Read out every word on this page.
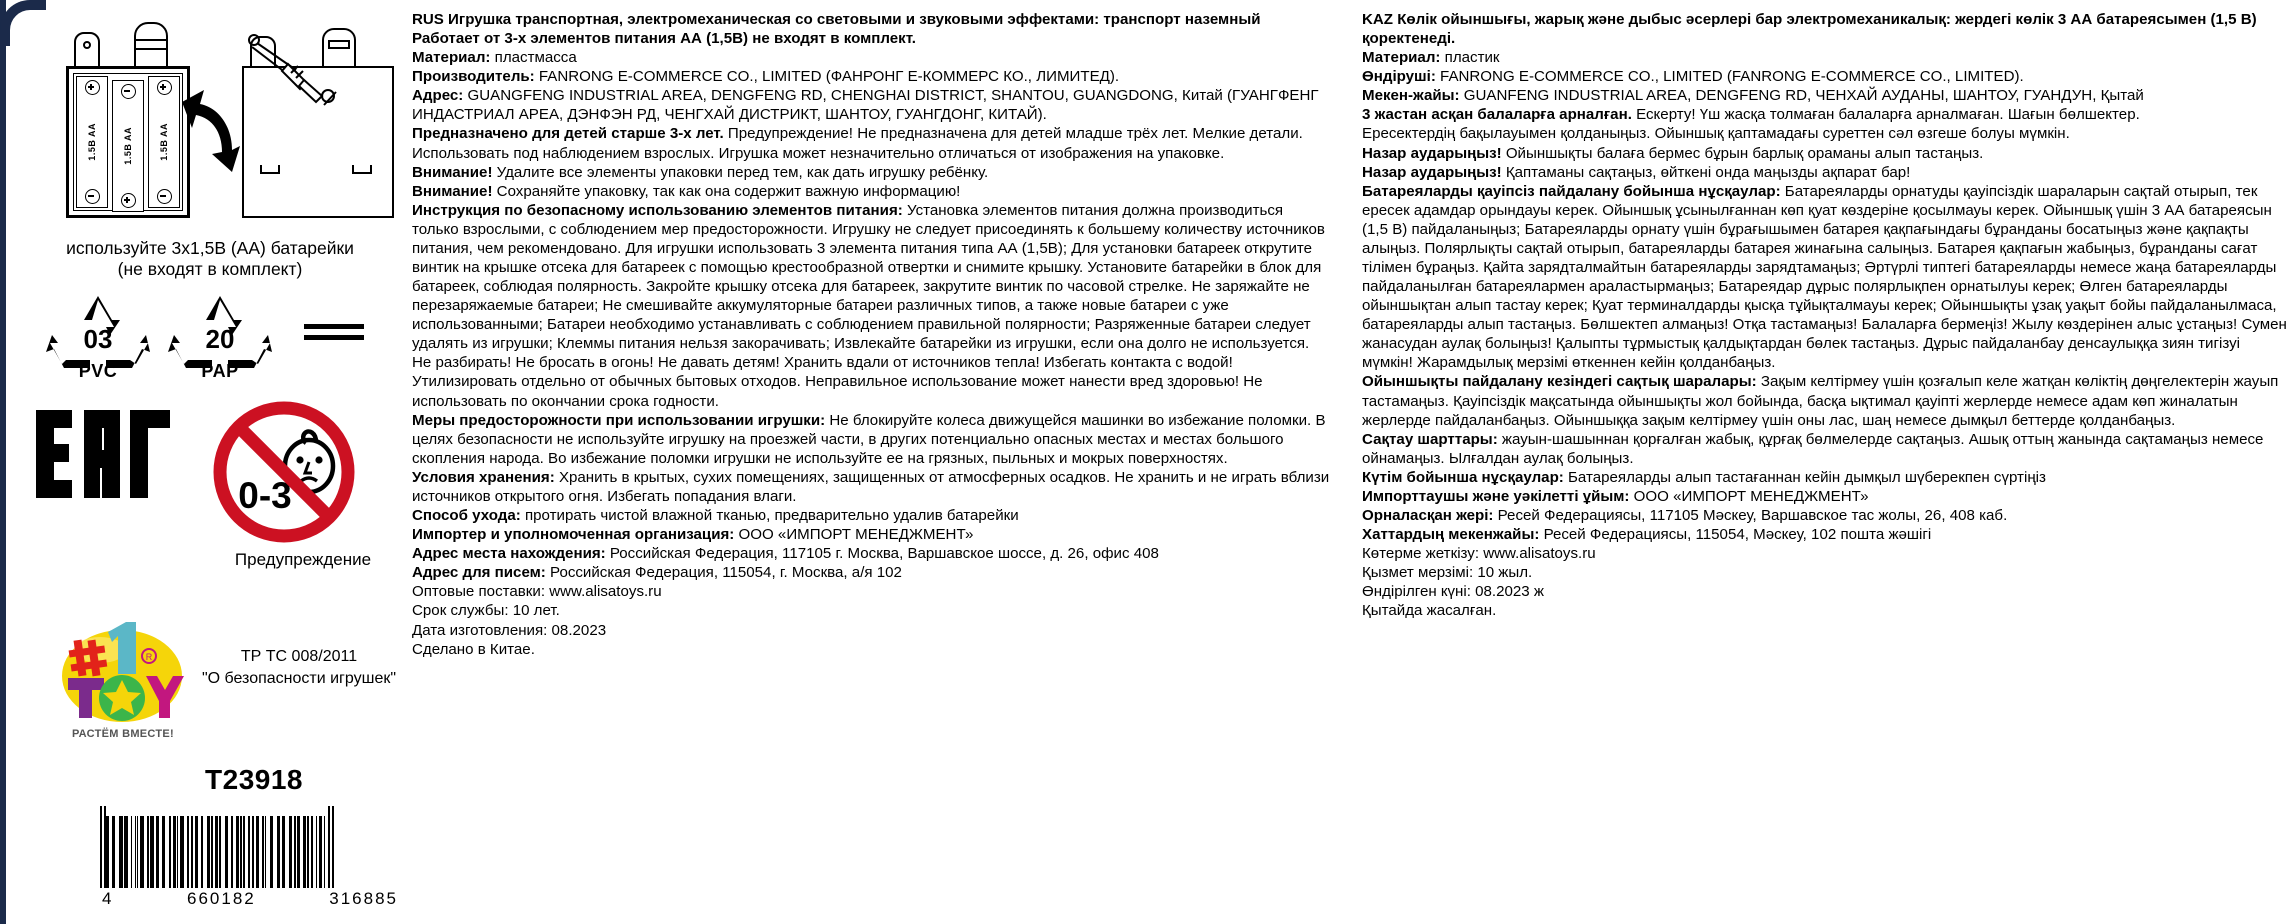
1.5B AA	1.5B AA	1.5B AA
используйте 3x1,5В (АА) батарейки
(не входят в комплект)
03
PVC
20
PAP
0-3
Предупреждение
R
РАСТЁМ ВМЕСТЕ!
ТР ТС 008/2011
"О безопасности игрушек"
T23918
4	660182	316885

RUS Игрушка транспортная, электромеханическая со световыми и звуковыми эффектами: транспорт наземный

Работает от 3-х элементов питания АА (1,5В) не входят в комплект.

Материал: пластмасса

Производитель: FANRONG E-COMMERCE CO., LIMITED (ФАНРОНГ Е-КОММЕРС КО., ЛИМИТЕД).

Адрес: GUANGFENG INDUSTRIAL AREA, DENGFENG RD, CHENGHAI DISTRICT, SHANTOU, GUANGDONG, Китай (ГУАНГФЕНГ ИНДАСТРИАЛ АРЕА, ДЭНФЭН РД, ЧЕНГХАЙ ДИСТРИКТ, ШАНТОУ, ГУАНГДОНГ, КИТАЙ).

Предназначено для детей старше 3-х лет. Предупреждение! Не предназначена для детей младше трёх лет. Мелкие детали.

Использовать под наблюдением взрослых. Игрушка может незначительно отличаться от изображения на упаковке.

Внимание! Удалите все элементы упаковки перед тем, как дать игрушку ребёнку.

Внимание! Сохраняйте упаковку, так как она содержит важную информацию!

Инструкция по безопасному использованию элементов питания: Установка элементов питания должна производиться только взрослыми, с соблюдением мер предосторожности. Игрушку не следует присоединять к большему количеству источников питания, чем рекомендовано. Для игрушки использовать 3 элемента питания типа АА (1,5В); Для установки батареек открутите винтик на крышке отсека для батареек с помощью крестообразной отвертки и снимите крышку. Установите батарейки в блок для батареек, соблюдая полярность. Закройте крышку отсека для батареек, закрутите винтик по часовой стрелке. Не заряжайте не перезаряжаемые батареи; Не смешивайте аккумуляторные батареи различных типов, а также новые батареи с уже использованными; Батареи необходимо устанавливать с соблюдением правильной полярности; Разряженные батареи следует удалять из игрушки; Клеммы питания нельзя закорачивать; Извлекайте батарейки из игрушки, если она долго не используется. Не разбирать! Не бросать в огонь! Не давать детям! Хранить вдали от источников тепла! Избегать контакта с водой! Утилизировать отдельно от обычных бытовых отходов. Неправильное использование может нанести вред здоровью! Не использовать по окончании срока годности.

Меры предосторожности при использовании игрушки: Не блокируйте колеса движущейся машинки во избежание поломки. В целях безопасности не используйте игрушку на проезжей части, в других потенциально опасных местах и местах большого скопления народа. Во избежание поломки игрушки не используйте ее на грязных, пыльных и мокрых поверхностях.

Условия хранения: Хранить в крытых, сухих помещениях, защищенных от атмосферных осадков. Не хранить и не играть вблизи источников открытого огня. Избегать попадания влаги.

Способ ухода: протирать чистой влажной тканью, предварительно удалив батарейки

Импортер и уполномоченная организация: ООО «ИМПОРТ МЕНЕДЖМЕНТ»

Адрес места нахождения: Российская Федерация, 117105 г. Москва, Варшавское шоссе, д. 26, офис 408

Адрес для писем: Российская Федерация, 115054, г. Москва, а/я 102

Оптовые поставки: www.alisatoys.ru

Срок службы: 10 лет.

Дата изготовления: 08.2023

Сделано в Китае.

KAZ Көлік ойыншығы, жарық және дыбыс әсерлері бар электромеханикалық: жердегі көлік 3 АА батареясымен (1,5 В) қоректенеді.

Материал: пластик

Өндіруші: FANRONG E-COMMERCE CO., LIMITED (FANRONG E-COMMERCE CO., LIMITED).

Мекен-жайы: GUANFENG INDUSTRIAL AREA, DENGFENG RD, ЧЕНХАЙ АУДАНЫ, ШАНТОУ, ГУАНДУН, Қытай

3 жастан асқан балаларға арналған. Ескерту! Үш жасқа толмаған балаларға арналмаған. Шағын бөлшектер.

Ересектердің бақылауымен қолданыңыз. Ойыншық қаптамадағы суреттен сәл өзгеше болуы мүмкін.

Назар аударыңыз! Ойыншықты балаға бермес бұрын барлық ораманы алып тастаңыз.

Назар аударыңыз! Қаптаманы сақтаңыз, өйткені онда маңызды ақпарат бар!

Батареяларды қауіпсіз пайдалану бойынша нұсқаулар: Батареяларды орнатуды қауіпсіздік шараларын сақтай отырып, тек ересек адамдар орындауы керек. Ойыншық ұсынылғаннан көп қуат көздеріне қосылмауы керек. Ойыншық үшін 3 АА батареясын (1,5 В) пайдаланыңыз; Батареяларды орнату үшін бұрағышымен батарея қақпағындағы бұранданы босатыңыз және қақпақты алыңыз. Полярлықты сақтай отырып, батареяларды батарея жинағына салыңыз. Батарея қақпағын жабыңыз, бұранданы сағат тілімен бұраңыз. Қайта зарядталмайтын батареяларды зарядтамаңыз; Әртүрлі типтегі батареяларды немесе жаңа батареяларды пайдаланылған батареялармен араластырмаңыз; Батареядар дұрыс полярлықпен орнатылуы керек; Өлген батареяларды ойыншықтан алып тастау керек; Қуат терминалдарды қысқа тұйықталмауы керек; Ойыншықты ұзақ уақыт бойы пайдаланылмаса, батареяларды алып тастаңыз. Бөлшектеп алмаңыз! Отқа тастамаңыз! Балаларға бермеңіз! Жылу көздерінен алыс ұстаңыз! Сумен жанасудан аулақ болыңыз! Қалыпты тұрмыстық қалдықтардан бөлек тастаңыз. Дұрыс пайдаланбау денсаулыққа зиян тигізуі мүмкін! Жарамдылық мерзімі өткеннен кейін қолданбаңыз.

Ойыншықты пайдалану кезіндегі сақтық шаралары: Зақым келтірмеу үшін қозғалып келе жатқан көліктің дөңгелектерін жауып тастамаңыз. Қауіпсіздік мақсатында ойыншықты жол бойында, басқа ықтимал қауіпті жерлерде немесе адам көп жиналатын жерлерде пайдаланбаңыз. Ойыншыққа зақым келтірмеу үшін оны лас, шаң немесе дымқыл беттерде қолданбаңыз.

Сақтау шарттары: жауын-шашыннан қорғалған жабық, құрғақ бөлмелерде сақтаңыз. Ашық оттың жанында сақтамаңыз немесе ойнамаңыз. Ылғалдан аулақ болыңыз.

Күтім бойынша нұсқаулар: Батареяларды алып тастағаннан кейін дымқыл шүберекпен сүртіңіз

Импорттаушы және уәкілетті ұйым: ООО «ИМПОРТ МЕНЕДЖМЕНТ»

Орналасқан жері: Ресей Федерациясы, 117105 Мәскеу, Варшавское тас жолы, 26, 408 каб.

Хаттардың мекенжайы: Ресей Федерациясы, 115054, Мәскеу, 102 пошта жәшігі

Көтерме жеткізу: www.alisatoys.ru

Қызмет мерзімі: 10 жыл.

Өндірілген күні: 08.2023 ж

Қытайда жасалған.
